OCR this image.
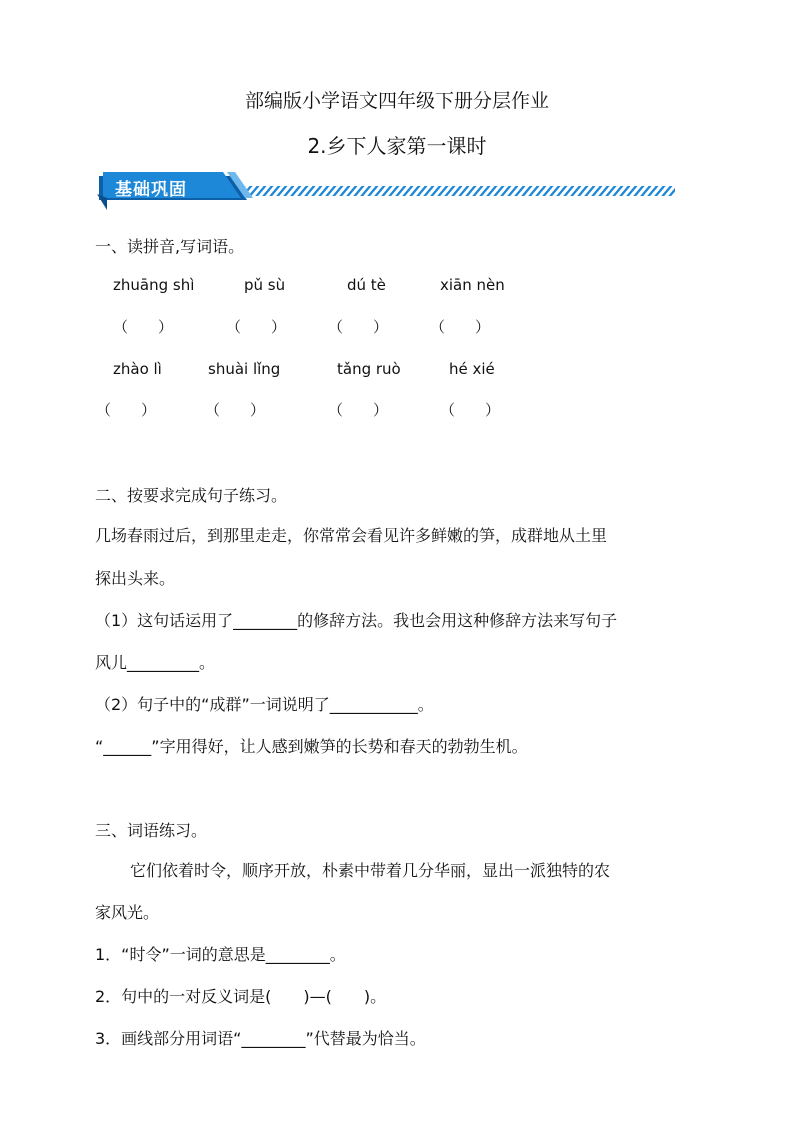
部编版小学语文四年级下册分层作业
2.乡下人家第一课时
基础巩固
一、读拼音,写词语。
zhuāng shì	pǔ sù	dú tè	xiān nèn
（　　）	（　　）	（　　）	（　　）
zhào lì	shuài lǐng	tǎng ruò	hé xié
（　　）	（　　）	（　　）	（　　）
二、按要求完成句子练习。
几场春雨过后，到那里走走，你常常会看见许多鲜嫩的笋，成群地从土里
探出头来。
（1）这句话运用了________的修辞方法。我也会用这种修辞方法来写句子
风儿_________。
（2）句子中的“成群”一词说明了___________。
“______”字用得好，让人感到嫩笋的长势和春天的勃勃生机。
三、词语练习。
它们依着时令，顺序开放，朴素中带着几分华丽，显出一派独特的农
家风光。
1．“时令”一词的意思是________。
2．句中的一对反义词是(　　)—(　　)。
3．画线部分用词语“________”代替最为恰当。
